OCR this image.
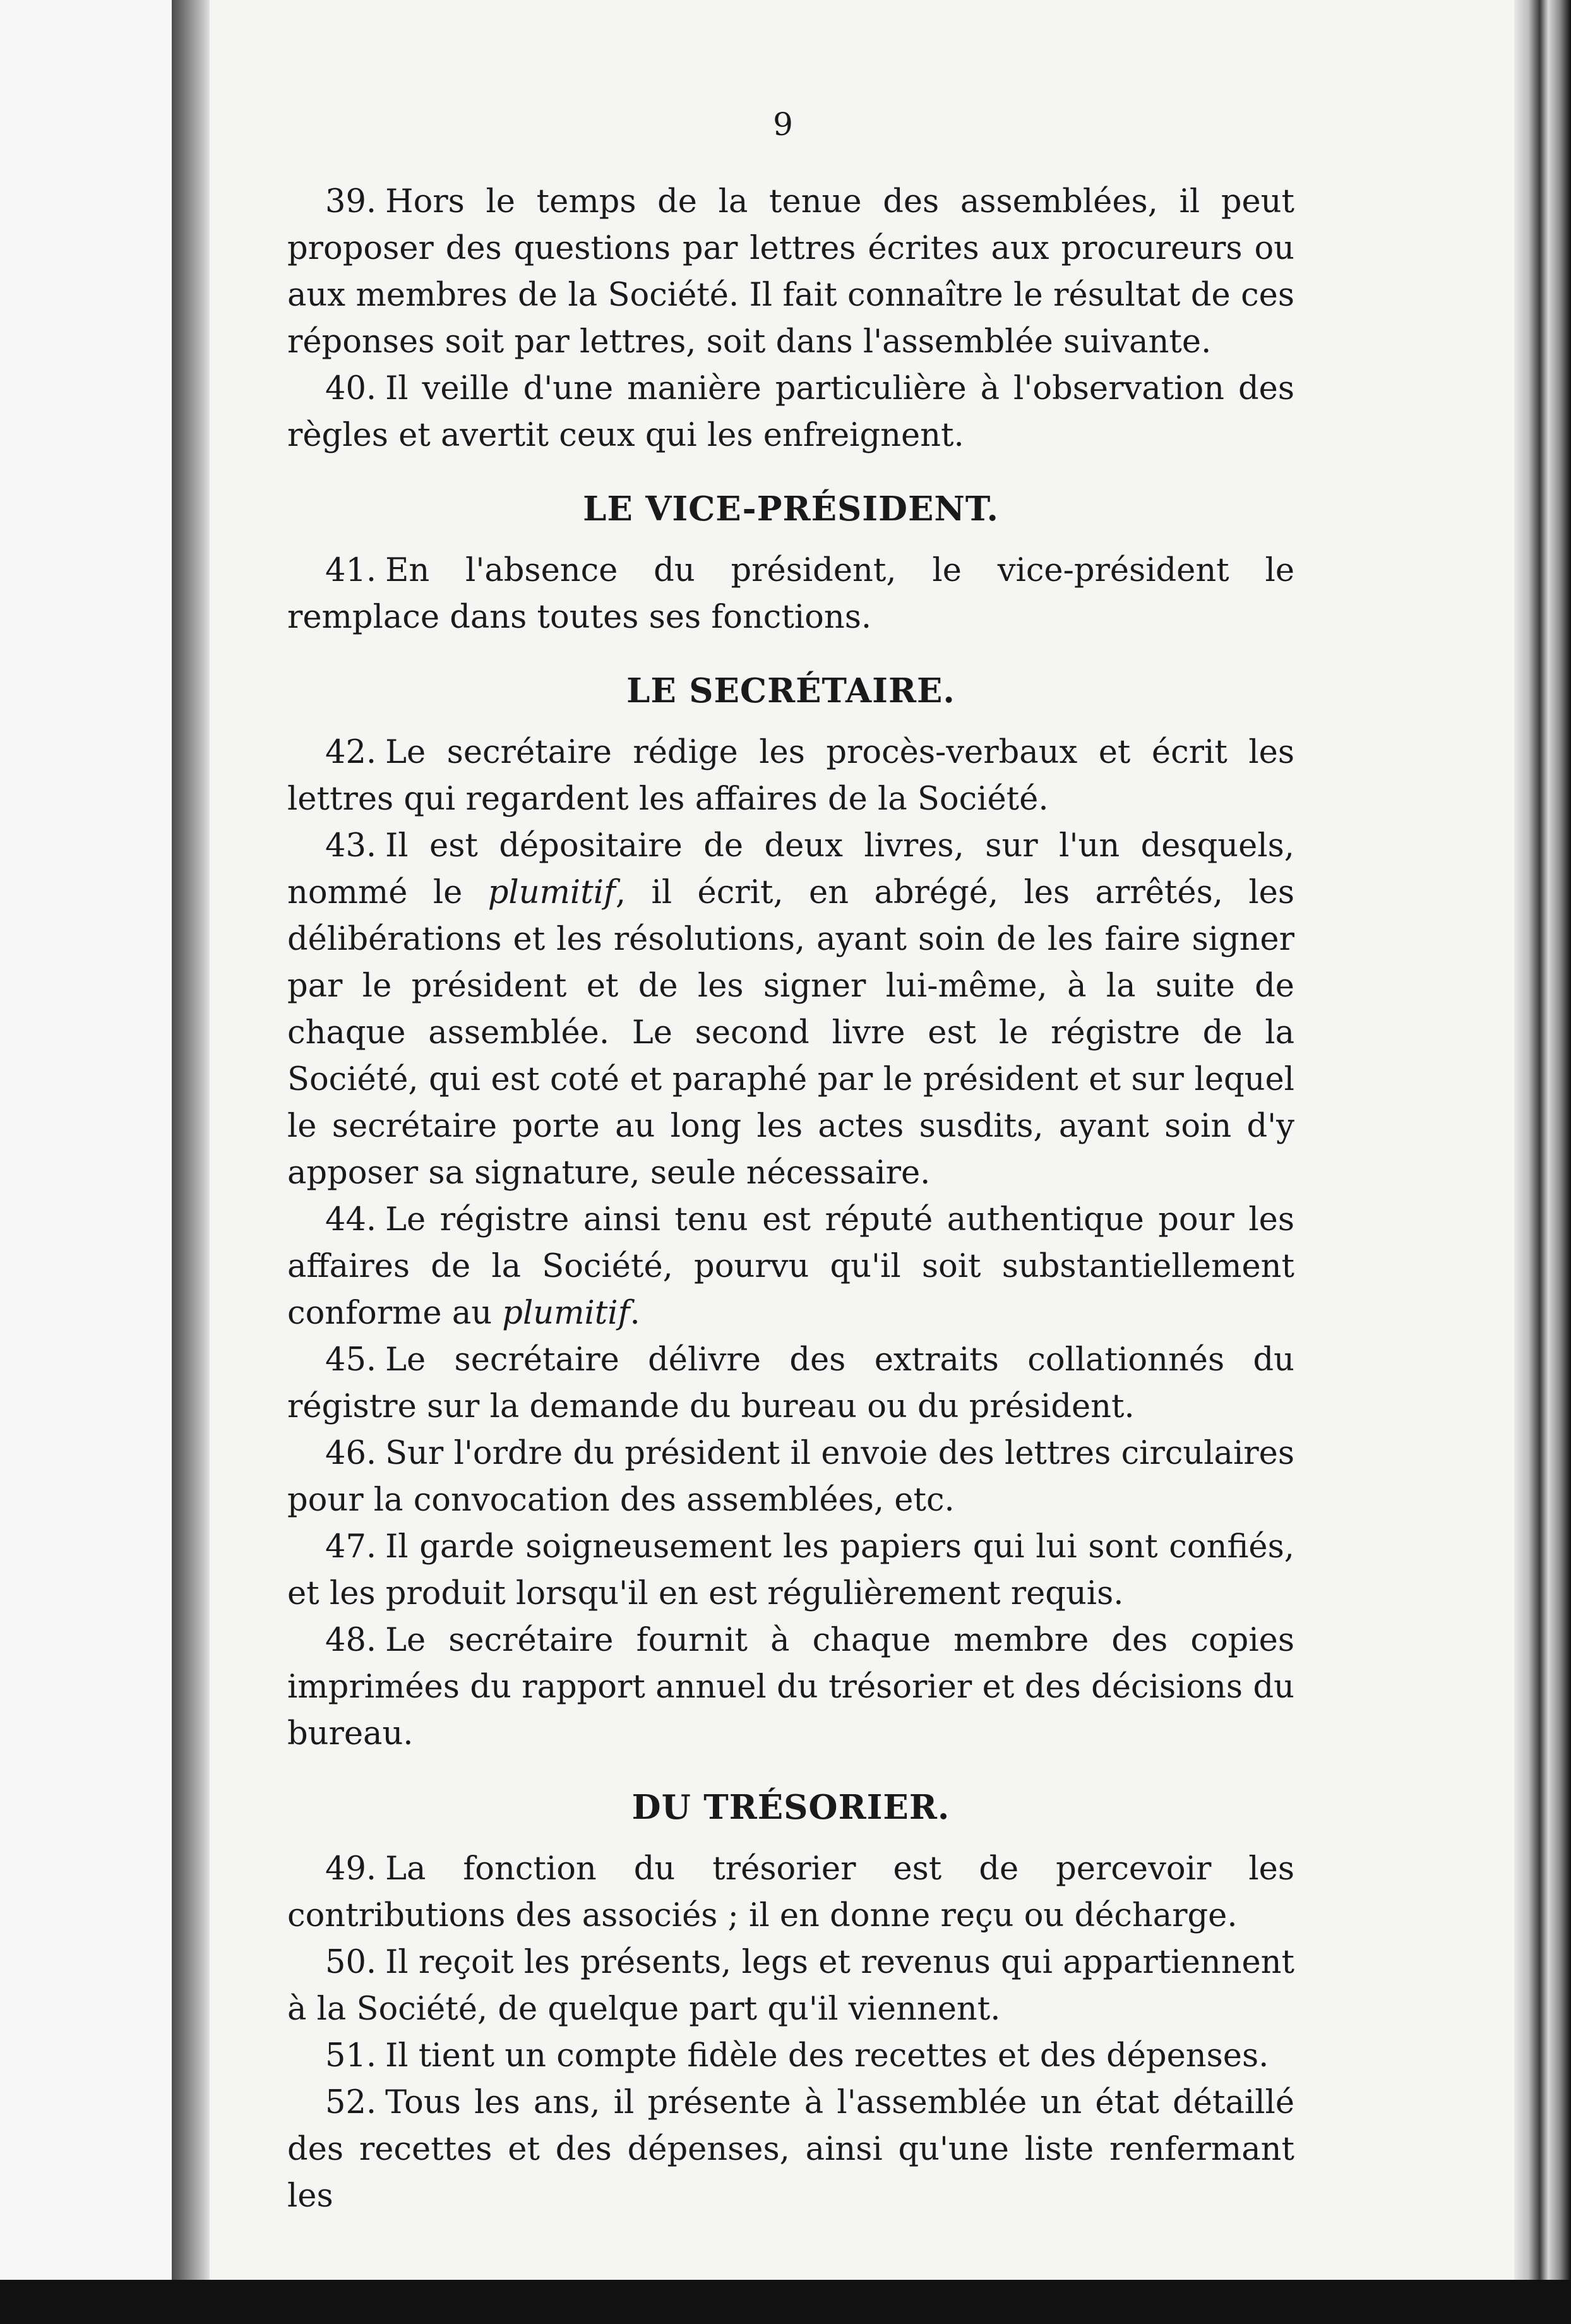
9

39. Hors le temps de la tenue des assemblées, il peut proposer des questions par lettres écrites aux procureurs ou aux membres de la Société. Il fait connaître le résultat de ces réponses soit par lettres, soit dans l'assemblée suivante.

40. Il veille d'une manière particulière à l'observation des règles et avertit ceux qui les enfreignent.

LE VICE-PRÉSIDENT.

41. En l'absence du président, le vice-président le remplace dans toutes ses fonctions.

LE SECRÉTAIRE.

42. Le secrétaire rédige les procès-verbaux et écrit les lettres qui regardent les affaires de la Société.

43. Il est dépositaire de deux livres, sur l'un desquels, nommé le plumitif, il écrit, en abrégé, les arrêtés, les délibérations et les résolutions, ayant soin de les faire signer par le président et de les signer lui-même, à la suite de chaque assemblée. Le second livre est le régistre de la Société, qui est coté et paraphé par le président et sur lequel le secrétaire porte au long les actes susdits, ayant soin d'y apposer sa signature, seule nécessaire.

44. Le régistre ainsi tenu est réputé authentique pour les affaires de la Société, pourvu qu'il soit substantiellement conforme au plumitif.

45. Le secrétaire délivre des extraits collationnés du régistre sur la demande du bureau ou du président.

46. Sur l'ordre du président il envoie des lettres circulaires pour la convocation des assemblées, etc.

47. Il garde soigneusement les papiers qui lui sont confiés, et les produit lorsqu'il en est régulièrement requis.

48. Le secrétaire fournit à chaque membre des copies imprimées du rapport annuel du trésorier et des décisions du bureau.

DU TRÉSORIER.

49. La fonction du trésorier est de percevoir les contributions des associés ; il en donne reçu ou décharge.

50. Il reçoit les présents, legs et revenus qui appartiennent à la Société, de quelque part qu'il viennent.

51. Il tient un compte fidèle des recettes et des dépenses.

52. Tous les ans, il présente à l'assemblée un état détaillé des recettes et des dépenses, ainsi qu'une liste renfermant les
